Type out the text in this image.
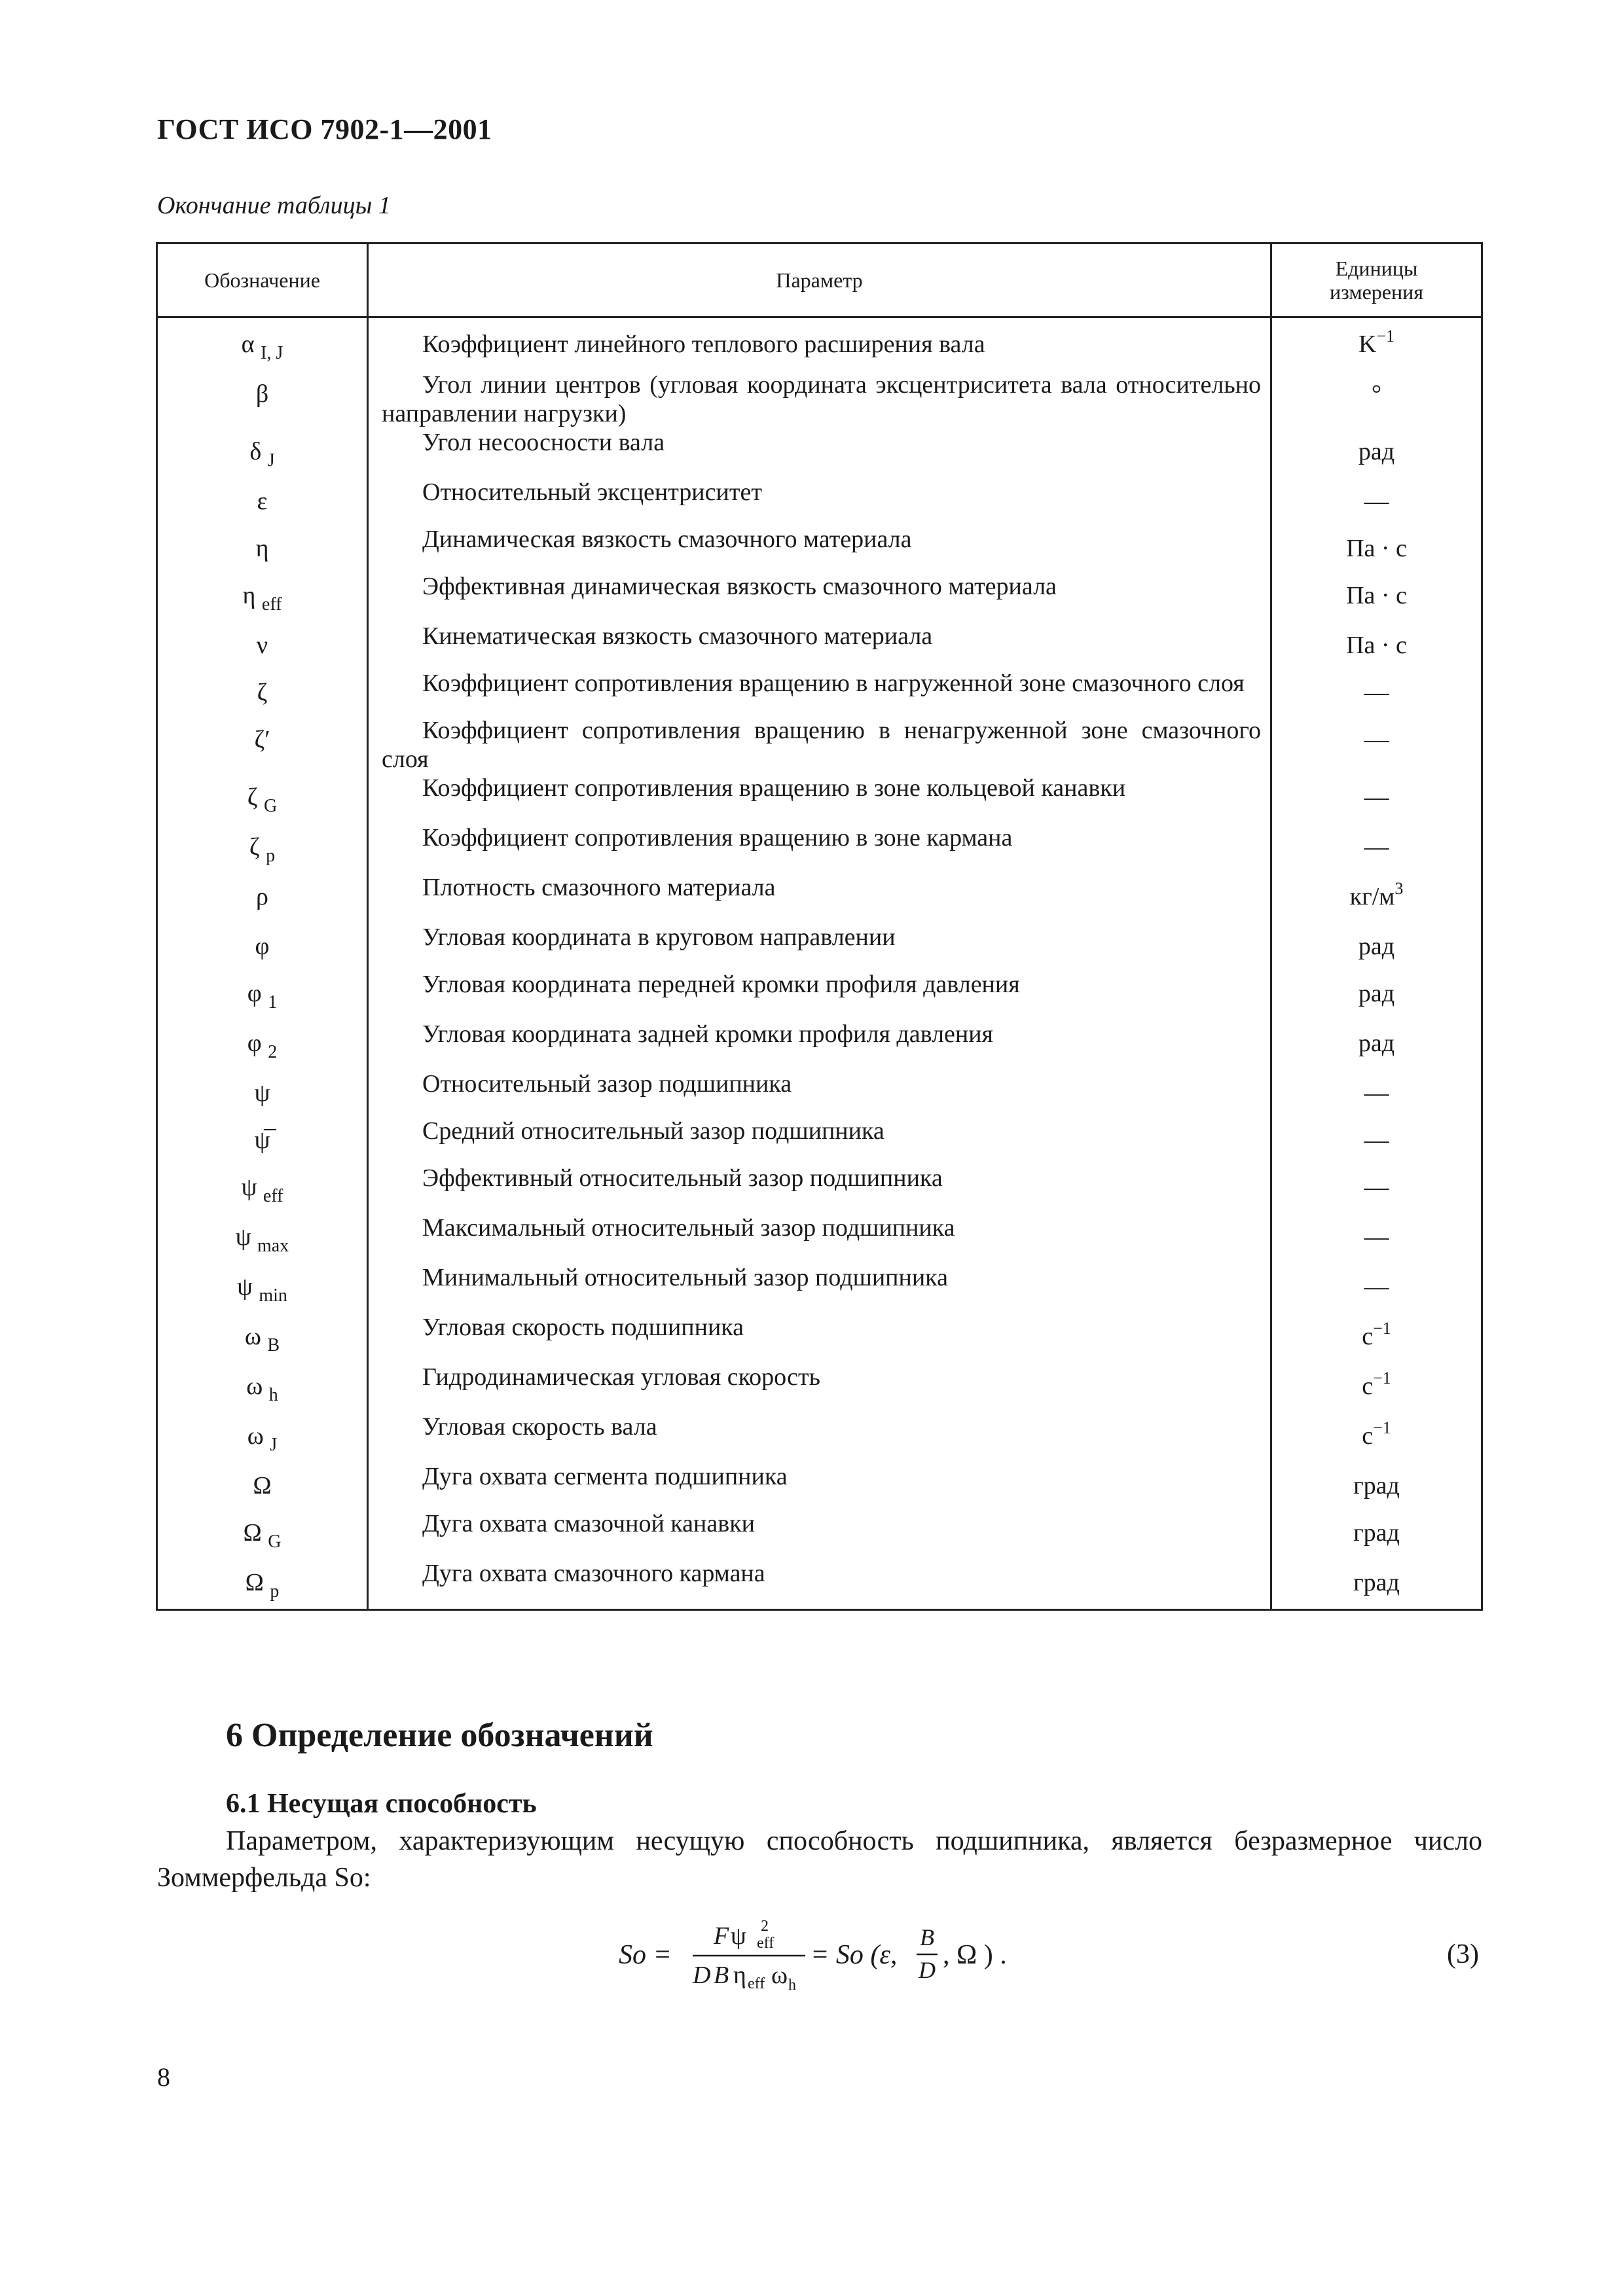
ГОСТ ИСО 7902-1—2001
Окончание таблицы 1
Обозначение	Параметр	Единицы измерения

α $_{I, J}$	Коэффициент линейного теплового расширения вала	$K^{-1}$
β	Угол линии центров (угловая координата эксцентриситета вала относительно направлении нагрузки)	°
δ $_J$	Угол несоосности вала	рад
ε	Относительный эксцентриситет	—
η	Динамическая вязкость смазочного материала	Па · с
η $_{eff}$	Эффективная динамическая вязкость смазочного материала	Па · с
ν	Кинематическая вязкость смазочного материала	Па · с
ζ	Коэффициент сопротивления вращению в нагруженной зоне смазочного слоя	—
ζ′	Коэффициент сопротивления вращению в ненагруженной зоне смазочного слоя	—
ζ $_G$	Коэффициент сопротивления вращению в зоне кольцевой канавки	—
ζ $_p$	Коэффициент сопротивления вращению в зоне кармана	—
ρ	Плотность смазочного материала	$кг/м^3$
φ	Угловая координата в круговом направлении	рад
φ $_1$	Угловая координата передней кромки профиля давления	рад
φ $_2$	Угловая координата задней кромки профиля давления	рад
ψ	Относительный зазор подшипника	—
ψ̅	Средний относительный зазор подшипника	—
ψ $_{eff}$	Эффективный относительный зазор подшипника	—
ψ $_{max}$	Максимальный относительный зазор подшипника	—
ψ $_{min}$	Минимальный относительный зазор подшипника	—
ω $_B$	Угловая скорость подшипника	$с^{-1}$
ω $_h$	Гидродинамическая угловая скорость	$с^{-1}$
ω $_J$	Угловая скорость вала	$с^{-1}$
Ω	Дуга охвата сегмента подшипника	град
Ω $_G$	Дуга охвата смазочной канавки	град
Ω $_p$	Дуга охвата смазочного кармана	град
6 Определение обозначений
6.1 Несущая способность
Параметром, характеризующим несущую способность подшипника, является безразмерное число Зоммерфельда So:
So =
F ψ 2
eff
D B η eff ω h
= So (ε,
B
D , Ω ) .	(3)
8
